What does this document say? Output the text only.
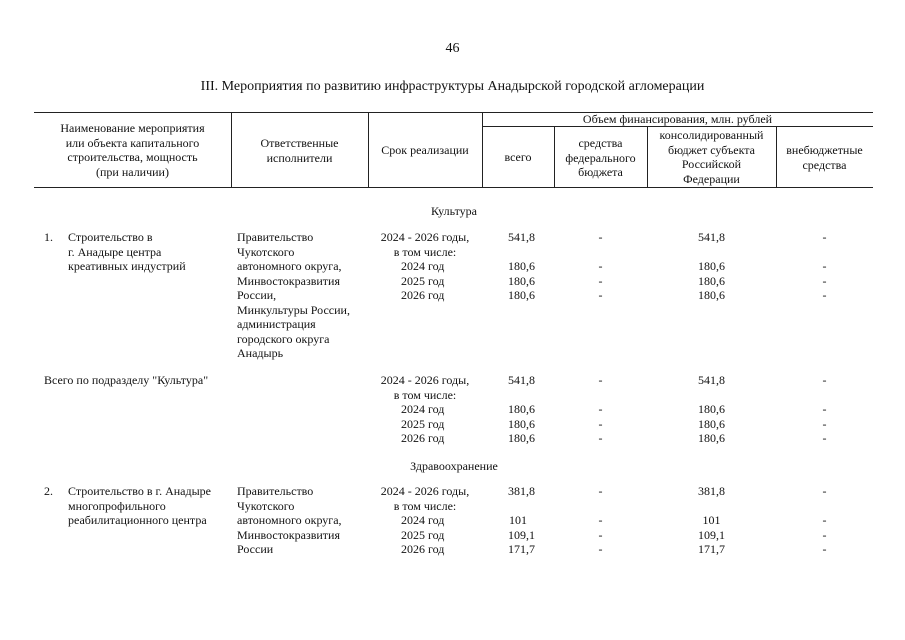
46
III. Мероприятия по развитию инфраструктуры Анадырской городской агломерации
Наименование мероприятия
или объекта капитального
строительства, мощность
(при наличии)
Ответственные
исполнители
Срок реализации
Объем финансирования, млн. рублей
всего
средства
федерального
бюджета
консолидированный
бюджет субъекта
Российской
Федерации
внебюджетные
средства
Культура
1. Строительство в
г. Анадыре центра
креативных индустрий
Правительство
Чукотского
автономного округа,
Минвостокразвития
России,
Минкультуры России,
администрация
городского округа
Анадырь
2024 - 2026 годы,
в том числе:
2024 год
2025 год
2026 год
541,8
180,6
180,6
180,6
-
-
-
-
541,8
180,6
180,6
180,6
-
-
-
-
Всего по подразделу "Культура"	2024 - 2026 годы,
в том числе:
2024 год
2025 год
2026 год
541,8
180,6
180,6
180,6
-
-
-
-
541,8
180,6
180,6
180,6
-
-
-
-
Здравоохранение
2. Строительство в г. Анадыре
многопрофильного
реабилитационного центра
Правительство
Чукотского
автономного округа,
Минвостокразвития
России
2024 - 2026 годы,
в том числе:
2024 год
2025 год
2026 год
381,8
101
109,1
171,7
-
-
-
-
381,8
101
109,1
171,7
-
-
-
-
